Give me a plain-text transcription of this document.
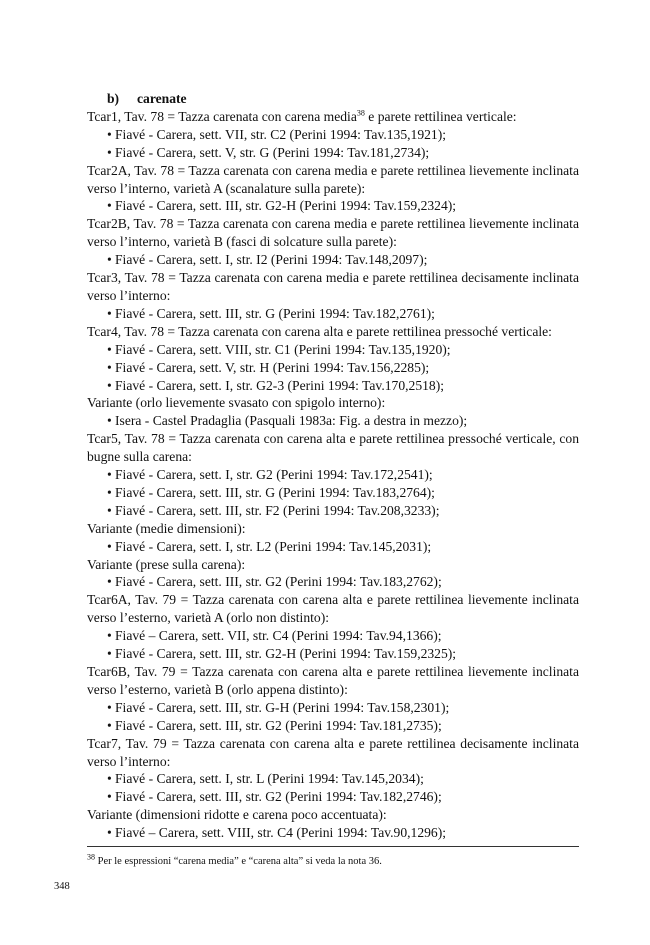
b) carenate

Tcar1, Tav. 78 = Tazza carenata con carena media$^{38}$ e parete rettilinea verticale:

• Fiavé - Carera, sett. VII, str. C2 (Perini 1994: Tav.135,1921);

• Fiavé - Carera, sett. V, str. G (Perini 1994: Tav.181,2734);

Tcar2A, Tav. 78 = Tazza carenata con carena media e parete rettilinea lievemente inclinata verso l’interno, varietà A (scanalature sulla parete):

• Fiavé - Carera, sett. III, str. G2-H (Perini 1994: Tav.159,2324);

Tcar2B, Tav. 78 = Tazza carenata con carena media e parete rettilinea lievemente inclinata verso l’interno, varietà B (fasci di solcature sulla parete):

• Fiavé - Carera, sett. I, str. I2 (Perini 1994: Tav.148,2097);

Tcar3, Tav. 78 = Tazza carenata con carena media e parete rettilinea decisamente inclinata verso l’interno:

• Fiavé - Carera, sett. III, str. G (Perini 1994: Tav.182,2761);

Tcar4, Tav. 78 = Tazza carenata con carena alta e parete rettilinea pressoché verticale:

• Fiavé - Carera, sett. VIII, str. C1 (Perini 1994: Tav.135,1920);

• Fiavé - Carera, sett. V, str. H (Perini 1994: Tav.156,2285);

• Fiavé - Carera, sett. I, str. G2-3 (Perini 1994: Tav.170,2518);

Variante (orlo lievemente svasato con spigolo interno):

• Isera - Castel Pradaglia (Pasquali 1983a: Fig. a destra in mezzo);

Tcar5, Tav. 78 = Tazza carenata con carena alta e parete rettilinea pressoché verticale, con bugne sulla carena:

• Fiavé - Carera, sett. I, str. G2 (Perini 1994: Tav.172,2541);

• Fiavé - Carera, sett. III, str. G (Perini 1994: Tav.183,2764);

• Fiavé - Carera, sett. III, str. F2 (Perini 1994: Tav.208,3233);

Variante (medie dimensioni):

• Fiavé - Carera, sett. I, str. L2 (Perini 1994: Tav.145,2031);

Variante (prese sulla carena):

• Fiavé - Carera, sett. III, str. G2 (Perini 1994: Tav.183,2762);

Tcar6A, Tav. 79 = Tazza carenata con carena alta e parete rettilinea lievemente inclinata verso l’esterno, varietà A (orlo non distinto):

• Fiavé – Carera, sett. VII, str. C4 (Perini 1994: Tav.94,1366);

• Fiavé - Carera, sett. III, str. G2-H (Perini 1994: Tav.159,2325);

Tcar6B, Tav. 79 = Tazza carenata con carena alta e parete rettilinea lievemente inclinata verso l’esterno, varietà B (orlo appena distinto):

• Fiavé - Carera, sett. III, str. G-H (Perini 1994: Tav.158,2301);

• Fiavé - Carera, sett. III, str. G2 (Perini 1994: Tav.181,2735);

Tcar7, Tav. 79 = Tazza carenata con carena alta e parete rettilinea decisamente inclinata verso l’interno:

• Fiavé - Carera, sett. I, str. L (Perini 1994: Tav.145,2034);

• Fiavé - Carera, sett. III, str. G2 (Perini 1994: Tav.182,2746);

Variante (dimensioni ridotte e carena poco accentuata):

• Fiavé – Carera, sett. VIII, str. C4 (Perini 1994: Tav.90,1296);

$^{38}$ Per le espressioni “carena media” e “carena alta” si veda la nota 36.
348
